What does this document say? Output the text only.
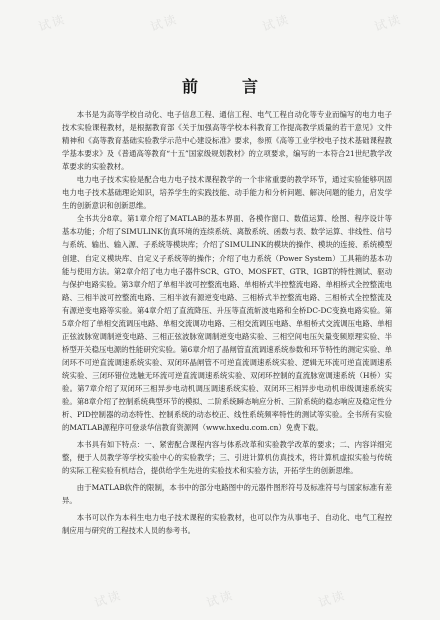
试读	试读	试读	试读
试读	试读	试读
前　言

本书是为高等学校自动化、电子信息工程、通信工程、电气工程自动化等专业而编写的电力电子技术实验课程教材，是根据教育部《关于加强高等学校本科教育工作提高教学质量的若干意见》文件精神和《高等教育基础实验教学示范中心建设标准》要求，参照《高等工业学校电子技术基础课程教学基本要求》及《普通高等教育“十五”国家级规划教材》的立项要求，编写的一本符合21世纪教学改革要求的实验教材。

电力电子技术实验是配合电力电子技术课程教学的一个非常重要的教学环节，通过实验能够巩固电力电子技术基础理论知识，培养学生的实践技能、动手能力和分析问题、解决问题的能力，启发学生的创新意识和创新思维。

全书共分8章。第1章介绍了MATLAB的基本界面、各模作窗口、数值运算、绘图、程序设计等基本功能；介绍了SIMULINK仿真环境的连续系统、离散系统、函数与表、数学运算、非线性、信号与系统、输出、输入源、子系统等模块库；介绍了SIMULINK的模块的操作、模块的连接、系统模型创建、自定义模块库、自定义子系统等的操作；介绍了电力系统（Power System）工具箱的基本功能与使用方法。第2章介绍了电力电子器件SCR、GTO、MOSFET、GTR、IGBT的特性测试、驱动与保护电路实验。第3章介绍了单相半波可控整流电路、单相桥式半控整流电路、单相桥式全控整流电路、三相半波可控整流电路、三相半波有源逆变电路、三相桥式半控整流电路、三相桥式全控整流及有源逆变电路等实验。第4章介绍了直流降压、升压等直流斩波电路和全桥DC-DC变换电路实验。第5章介绍了单相交流调压电路、单相交流调功电路、三相交流调压电路、单相桥式交流调压电路、单相正弦波脉宽调制逆变电路、三相正弦波脉宽调制逆变电路实验、三相空间电压矢量变频原理实验、半桥型开关稳压电源的性能研究实验。第6章介绍了晶闸管直流调速系统参数和环节特性的测定实验、单闭环不可逆直流调速系统实验、双闭环晶闸管不可逆直流调速系统实验、逻辑无环流可逆直流调速系统实验、三闭环错位选触无环流可逆直流调速系统实验、双闭环控制的直流脉宽调速系统（H桥）实验。第7章介绍了双闭环三相异步电动机调压调速系统实验、双闭环三相异步电动机串级调速系统实验。第8章介绍了控制系统典型环节的模拟、二阶系统瞬态响应分析、三阶系统的稳态响应及稳定性分析、PID控制器的动态特性、控制系统的动态校正、线性系统频率特性的测试等实验。全书所有实验的MATLAB源程序可登录华信教育资源网（www.hxedu.com.cn）免费下载。

本书具有如下特点：一、紧密配合课程内容与体系改革和实验教学改革的要求；二、内容详细完整，便于人员教学等学校实验中心的实验教学；三、引进计算机仿真技术，将计算机虚拟实验与传统的实际工程实验有机结合，提供给学生先进的实验技术和实验方法，开拓学生的创新思维。

由于MATLAB软件的限制，本书中的部分电路图中的元器件图形符号及标准符号与国家标准有差异。

本书可以作为本科生电力电子技术课程的实验教材，也可以作为从事电子、自动化、电气工程控制应用与研究的工程技术人员的参考书。
